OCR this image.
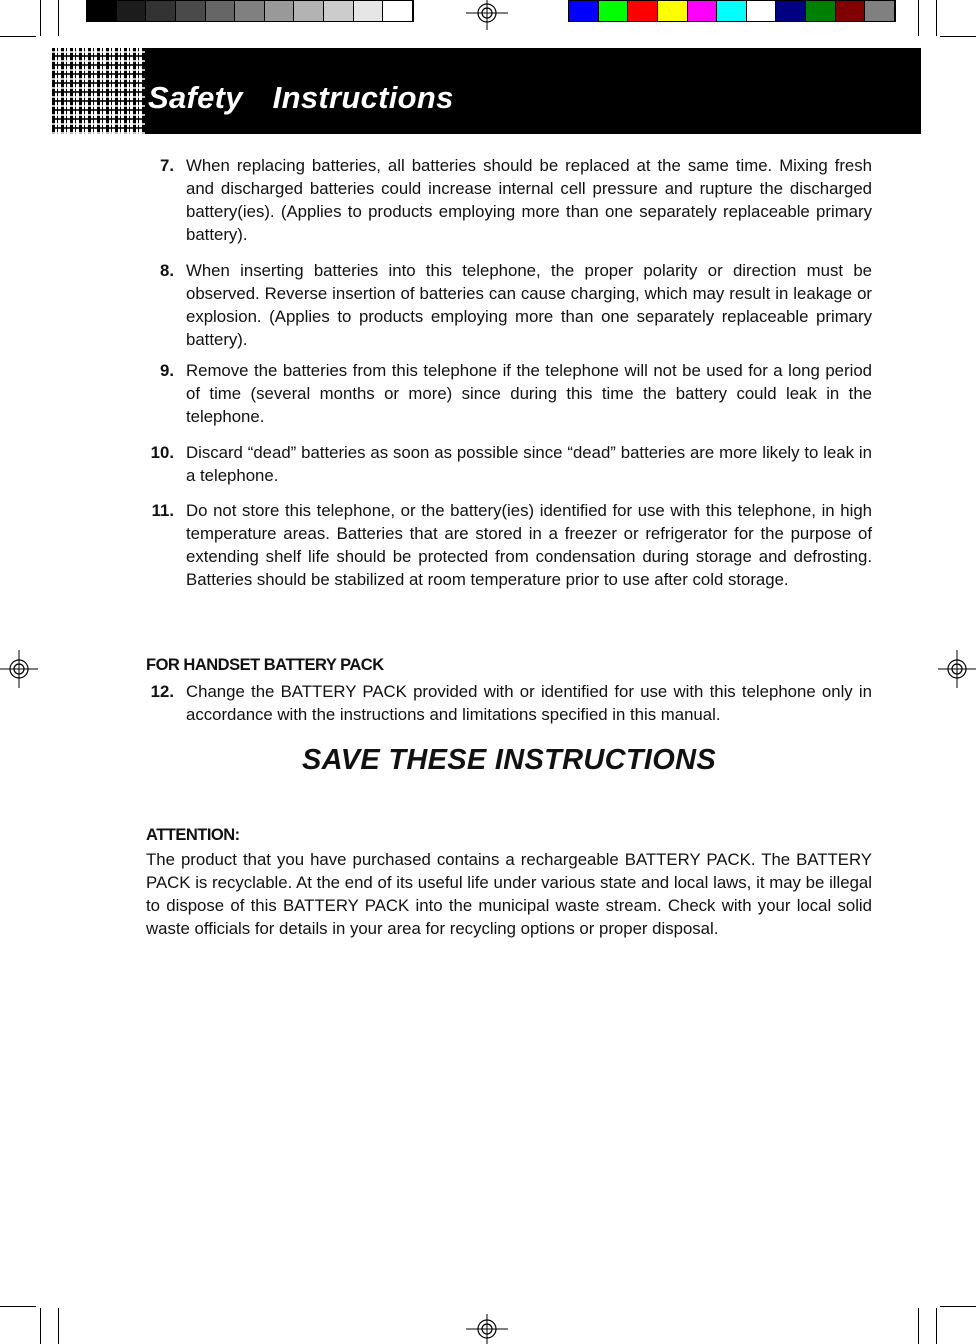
Safety  Instructions
7. When replacing batteries, all batteries should be replaced at the same time. Mixing fresh and discharged batteries could increase internal cell pressure and rupture the discharged battery(ies). (Applies to products employing more than one separately replaceable primary battery).
8. When inserting batteries into this telephone, the proper polarity or direction must be observed. Reverse insertion of batteries can cause charging, which may result in leakage or explosion. (Applies to products employing more than one separately replaceable primary battery).
9. Remove the batteries from this telephone if the telephone will not be used for a long period of time (several months or more) since during this time the battery could leak in the telephone.
10. Discard “dead” batteries as soon as possible since “dead” batteries are more likely to leak in a telephone.
11. Do not store this telephone, or the battery(ies) identified for use with this telephone, in high temperature areas. Batteries that are stored in a freezer or refrigerator for the purpose of extending shelf life should be protected from condensation during storage and defrosting. Batteries should be stabilized at room temperature prior to use after cold storage.
FOR HANDSET BATTERY PACK
12. Change the BATTERY PACK provided with or identified for use with this telephone only in accordance with the instructions and limitations specified in this manual.
SAVE THESE INSTRUCTIONS
ATTENTION:
The product that you have purchased contains a rechargeable BATTERY PACK. The BATTERY PACK is recyclable. At the end of its useful life under various state and local laws, it may be illegal to dispose of this BATTERY PACK into the municipal waste stream. Check with your local solid waste officials for details in your area for recycling options or proper disposal.
